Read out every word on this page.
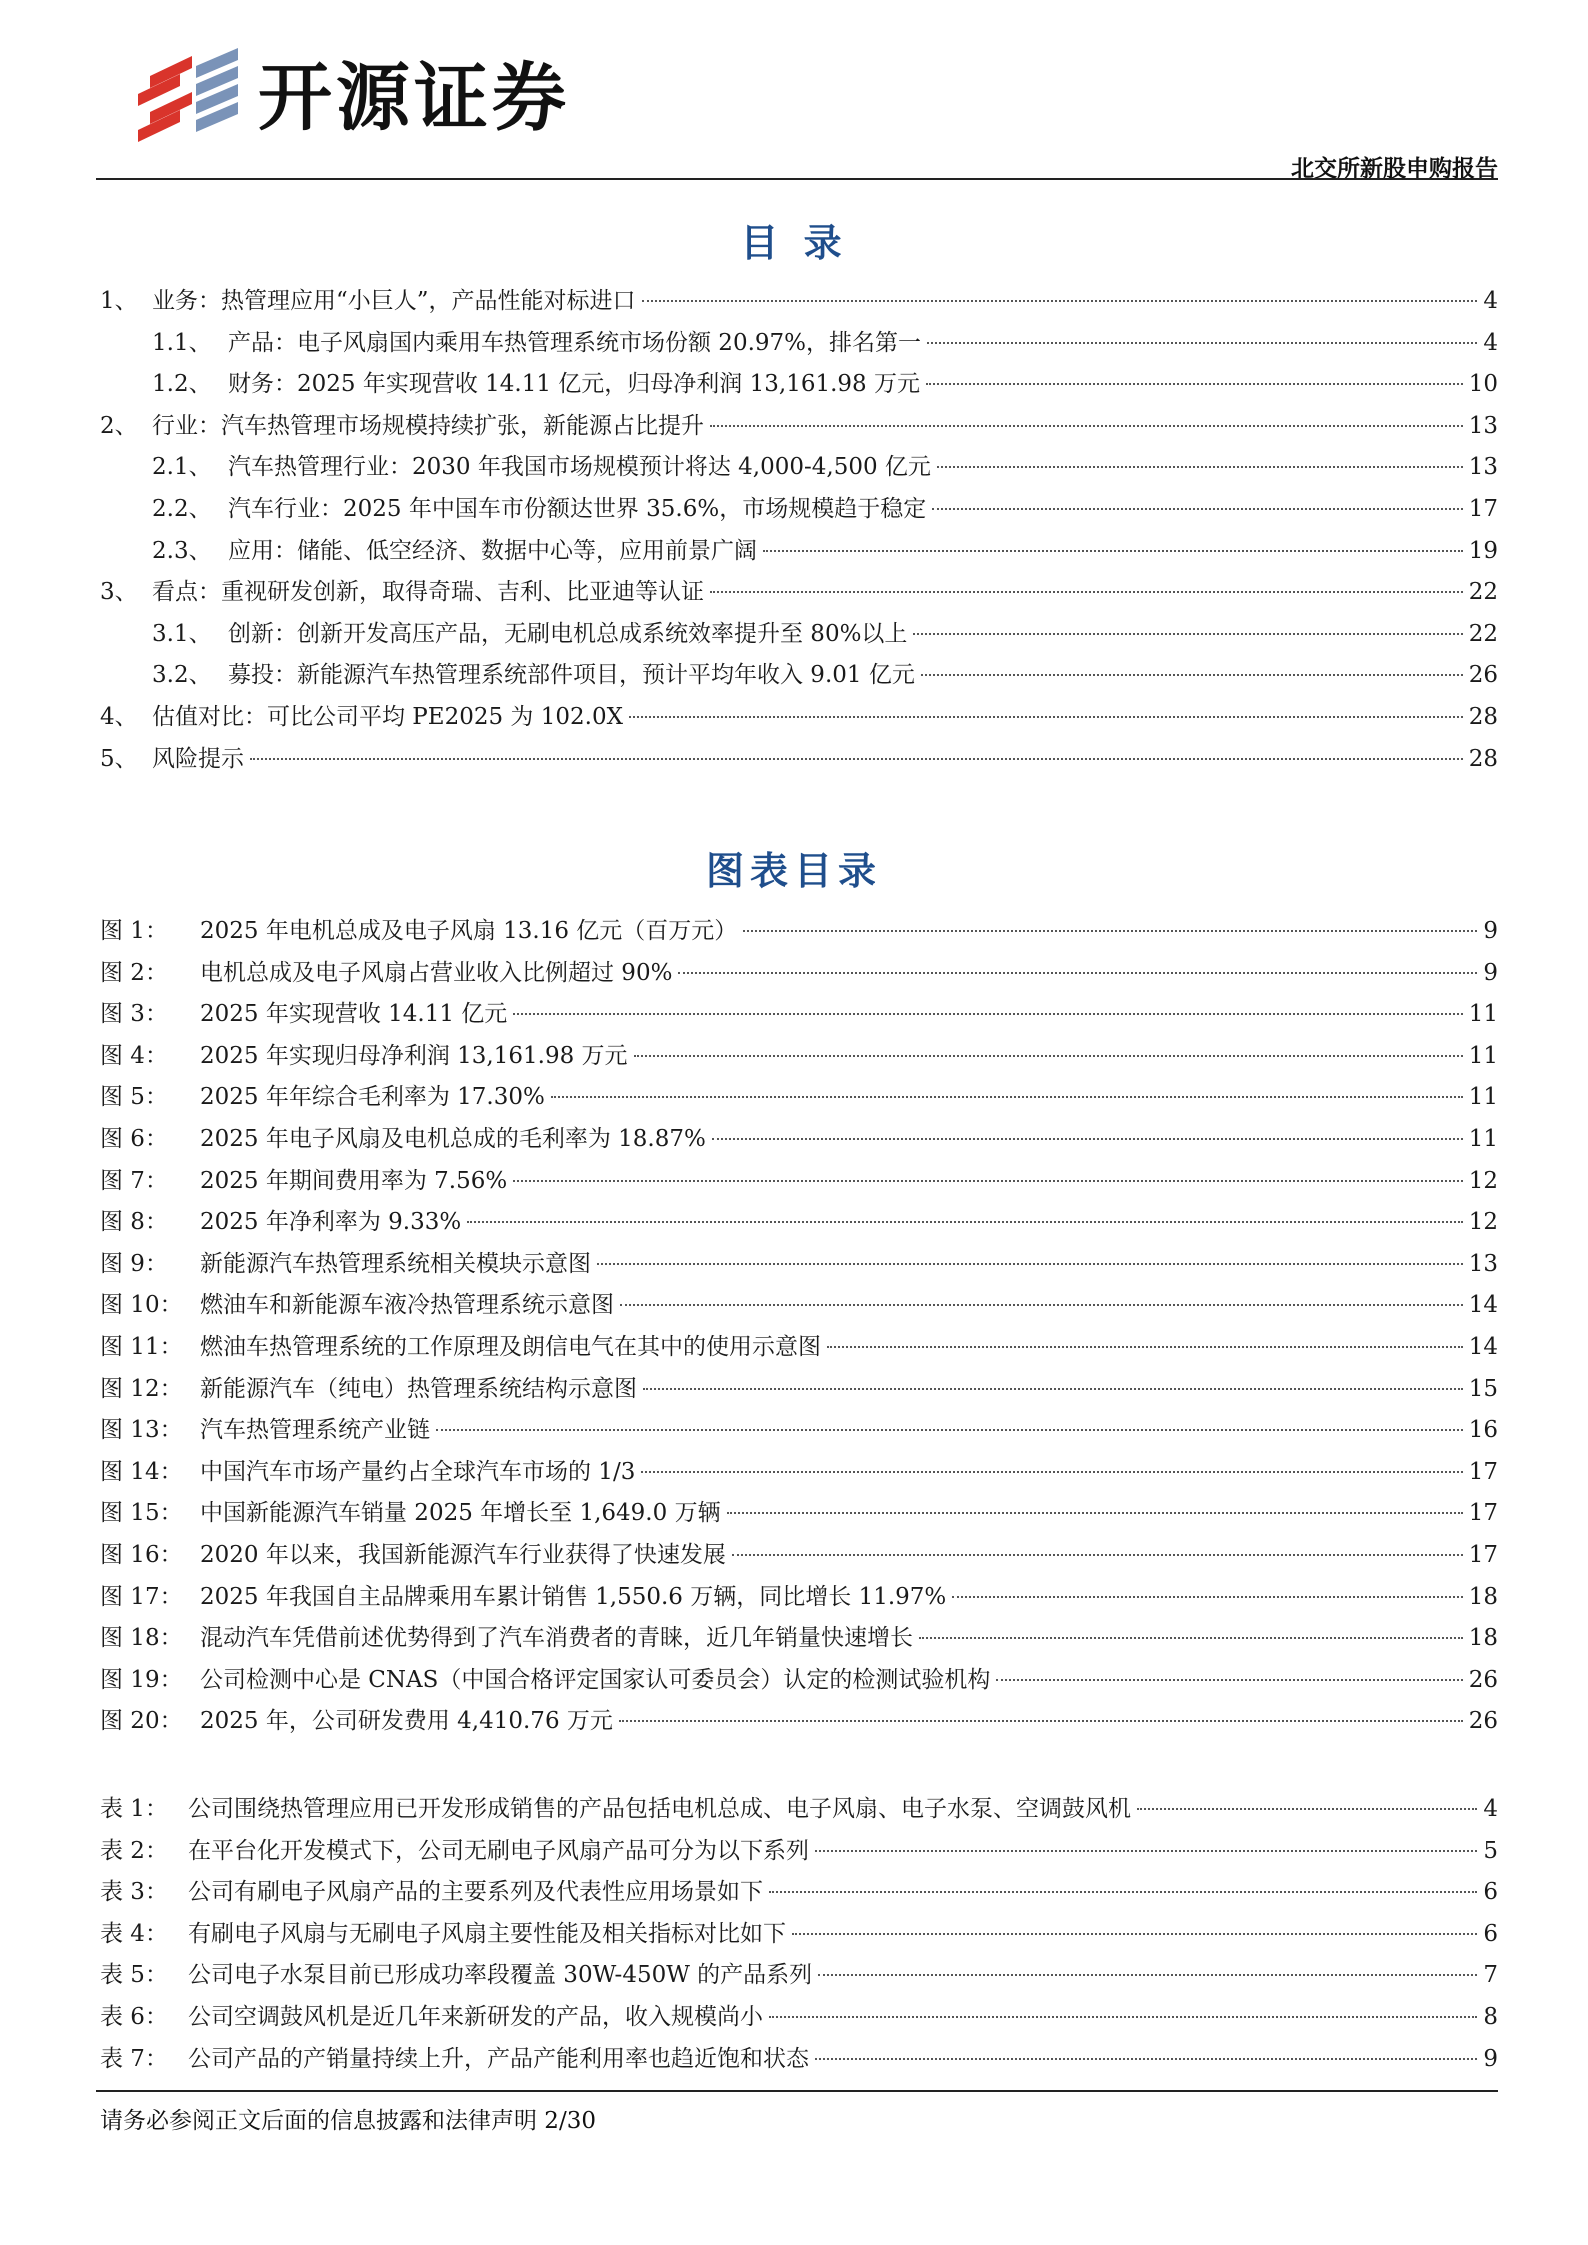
开源证券
北交所新股申购报告
目 录
1、 业务：热管理应用“小巨人”，产品性能对标进口	4
1.1、 产品：电子风扇国内乘用车热管理系统市场份额 20.97%，排名第一	4
1.2、 财务：2025 年实现营收 14.11 亿元，归母净利润 13,161.98 万元	10
2、 行业：汽车热管理市场规模持续扩张，新能源占比提升	13
2.1、 汽车热管理行业：2030 年我国市场规模预计将达 4,000-4,500 亿元	13
2.2、 汽车行业：2025 年中国车市份额达世界 35.6%，市场规模趋于稳定	17
2.3、 应用：储能、低空经济、数据中心等，应用前景广阔	19
3、 看点：重视研发创新，取得奇瑞、吉利、比亚迪等认证	22
3.1、 创新：创新开发高压产品，无刷电机总成系统效率提升至 80%以上	22
3.2、 募投：新能源汽车热管理系统部件项目，预计平均年收入 9.01 亿元	26
4、 估值对比：可比公司平均 PE2025 为 102.0X	28
5、 风险提示	28
图表目录
图 1：	2025 年电机总成及电子风扇 13.16 亿元（百万元）	9
图 2：	电机总成及电子风扇占营业收入比例超过 90%	9
图 3：	2025 年实现营收 14.11 亿元	11
图 4：	2025 年实现归母净利润 13,161.98 万元	11
图 5：	2025 年年综合毛利率为 17.30%	11
图 6：	2025 年电子风扇及电机总成的毛利率为 18.87%	11
图 7：	2025 年期间费用率为 7.56%	12
图 8：	2025 年净利率为 9.33%	12
图 9：	新能源汽车热管理系统相关模块示意图	13
图 10： 燃油车和新能源车液冷热管理系统示意图	14
图 11： 燃油车热管理系统的工作原理及朗信电气在其中的使用示意图	14
图 12： 新能源汽车（纯电）热管理系统结构示意图	15
图 13： 汽车热管理系统产业链	16
图 14： 中国汽车市场产量约占全球汽车市场的 1/3	17
图 15： 中国新能源汽车销量 2025 年增长至 1,649.0 万辆	17
图 16： 2020 年以来，我国新能源汽车行业获得了快速发展	17
图 17： 2025 年我国自主品牌乘用车累计销售 1,550.6 万辆，同比增长 11.97%	18
图 18： 混动汽车凭借前述优势得到了汽车消费者的青睐，近几年销量快速增长	18
图 19： 公司检测中心是 CNAS（中国合格评定国家认可委员会）认定的检测试验机构	26
图 20： 2025 年，公司研发费用 4,410.76 万元	26
表 1： 公司围绕热管理应用已开发形成销售的产品包括电机总成、电子风扇、电子水泵、空调鼓风机	4
表 2： 在平台化开发模式下，公司无刷电子风扇产品可分为以下系列	5
表 3： 公司有刷电子风扇产品的主要系列及代表性应用场景如下	6
表 4： 有刷电子风扇与无刷电子风扇主要性能及相关指标对比如下	6
表 5： 公司电子水泵目前已形成功率段覆盖 30W-450W 的产品系列	7
表 6： 公司空调鼓风机是近几年来新研发的产品，收入规模尚小	8
表 7： 公司产品的产销量持续上升，产品产能利用率也趋近饱和状态	9
请务必参阅正文后面的信息披露和法律声明 2/30
